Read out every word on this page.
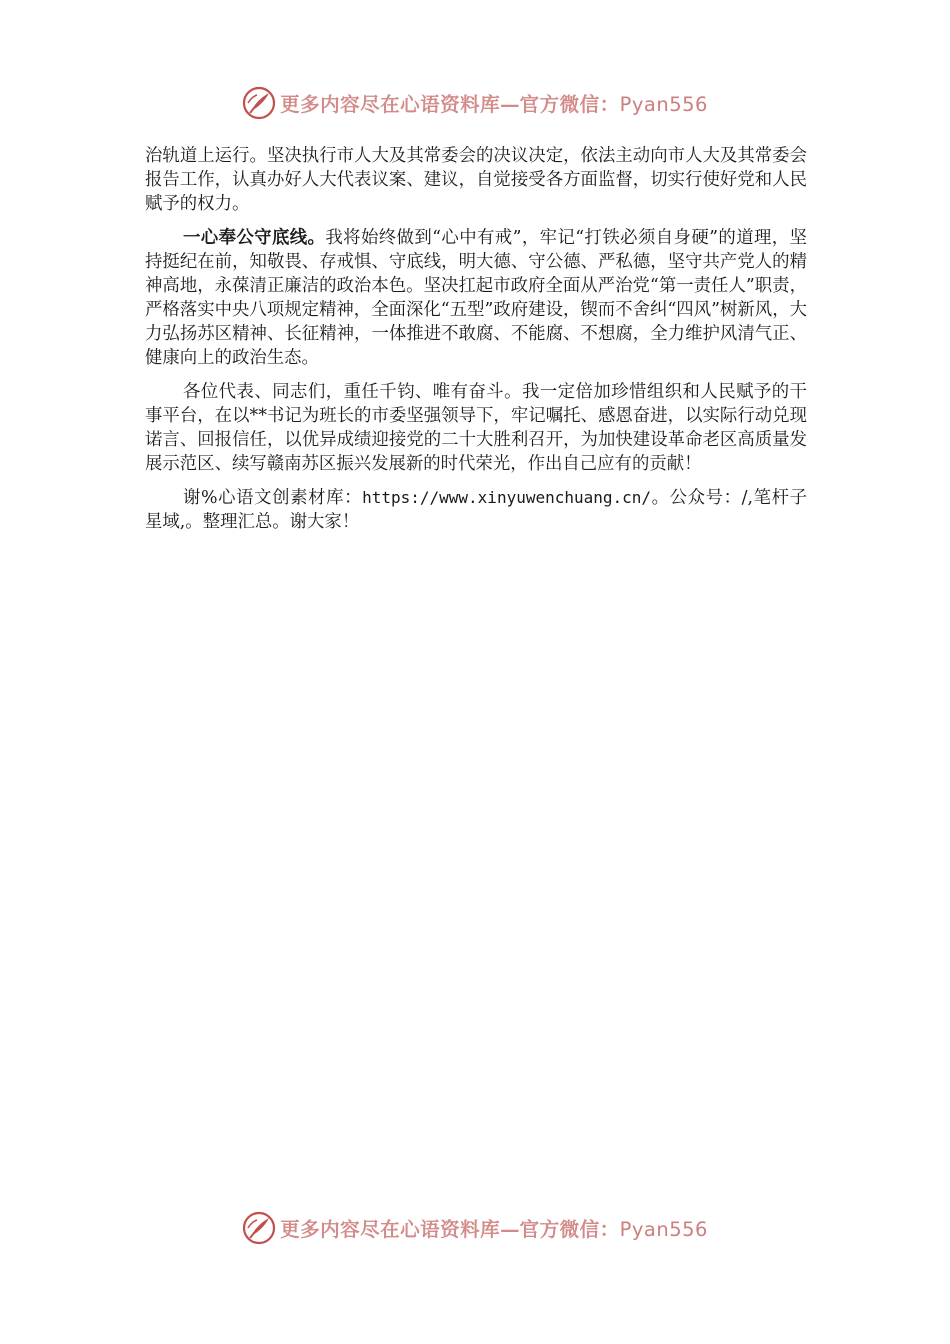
更多内容尽在心语资料库—官方微信：Pyan556

治轨道上运行。坚决执行市人大及其常委会的决议决定，依法主动向市人大及其常委会报告工作，认真办好人大代表议案、建议，自觉接受各方面监督，切实行使好党和人民赋予的权力。

一心奉公守底线。我将始终做到“心中有戒”，牢记“打铁必须自身硬”的道理，坚持挺纪在前，知敬畏、存戒惧、守底线，明大德、守公德、严私德，坚守共产党人的精神高地，永葆清正廉洁的政治本色。坚决扛起市政府全面从严治党“第一责任人”职责，严格落实中央八项规定精神，全面深化“五型”政府建设，锲而不舍纠“四风”树新风，大力弘扬苏区精神、长征精神，一体推进不敢腐、不能腐、不想腐，全力维护风清气正、健康向上的政治生态。

各位代表、同志们，重任千钧、唯有奋斗。我一定倍加珍惜组织和人民赋予的干事平台，在以**书记为班长的市委坚强领导下，牢记嘱托、感恩奋进，以实际行动兑现诺言、回报信任，以优异成绩迎接党的二十大胜利召开，为加快建设革命老区高质量发展示范区、续写赣南苏区振兴发展新的时代荣光，作出自己应有的贡献！

谢%心语文创素材库：https://www.xinyuwenchuang.cn/。公众号：/,笔杆子星域,。整理汇总。谢大家！

更多内容尽在心语资料库—官方微信：Pyan556
